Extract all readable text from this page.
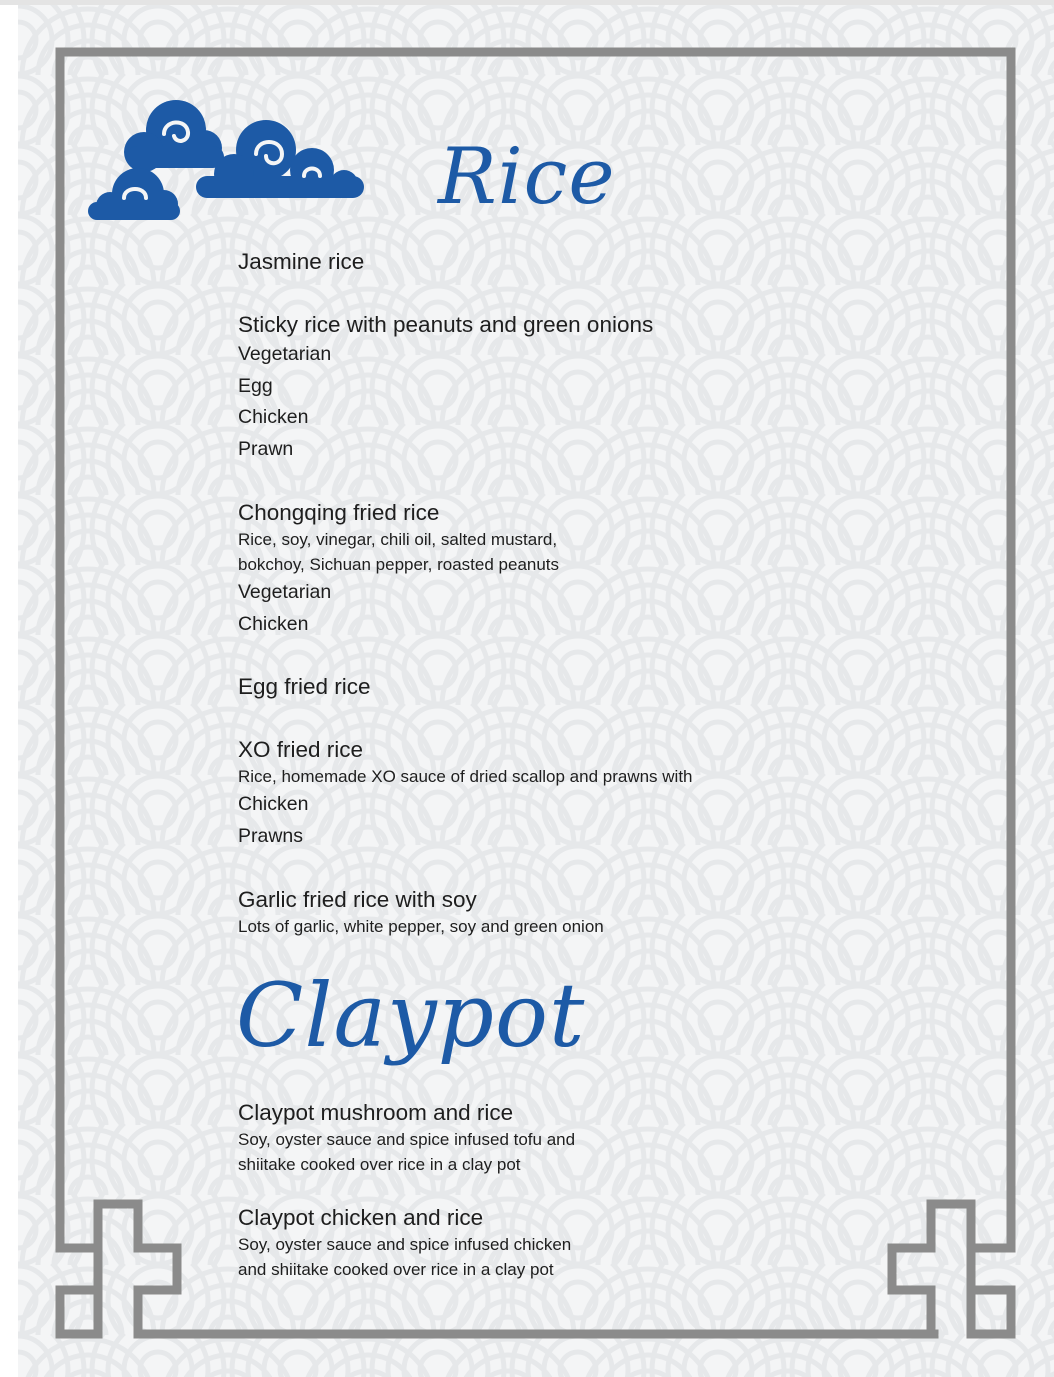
Rice
Jasmine rice
Sticky rice with peanuts and green onions
Vegetarian
Egg
Chicken
Prawn
Chongqing fried rice
Rice, soy, vinegar, chili oil, salted mustard,
bokchoy, Sichuan pepper, roasted peanuts
Vegetarian
Chicken
Egg fried rice
XO fried rice
Rice, homemade XO sauce of dried scallop and prawns with
Chicken
Prawns
Garlic fried rice with soy
Lots of garlic, white pepper, soy and green onion
Claypot
Claypot mushroom and rice
Soy, oyster sauce and spice infused tofu and
shiitake cooked over rice in a clay pot
Claypot chicken and rice
Soy, oyster sauce and spice infused chicken
and shiitake cooked over rice in a clay pot
